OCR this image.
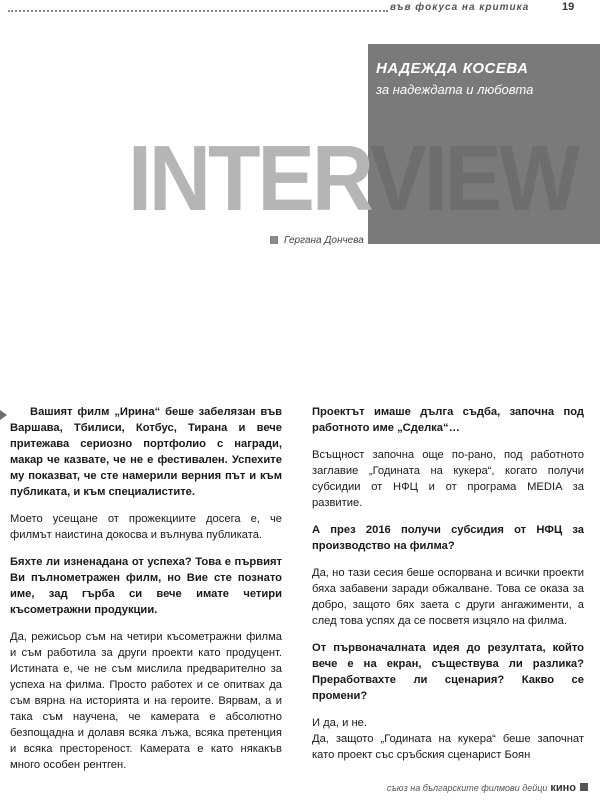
във фокуса на критика	19
НАДЕЖДА КОСЕВА
за надеждата и любовта
INTERVIEW
Гергана Дончева

Вашият филм „Ирина“ беше забелязан във Варшава, Тбилиси, Котбус, Тирана и вече притежава сериозно портфолио с награди, макар че казвате, че не е фестивален. Успехите му показват, че сте намерили верния път и към публиката, и към специалистите.

Моето усещане от прожекциите досега е, че филмът наистина докосва и вълнува публиката.

Бяхте ли изненадана от успеха? Това е първият Ви пълнометражен филм, но Вие сте познато име, зад гърба си вече имате четири късометражни продукции.

Да, режисьор съм на четири късометражни филма и съм работила за други проекти като продуцент. Истината е, че не съм мислила предварително за успеха на филма. Просто работех и се опитвах да съм вярна на историята и на героите. Вярвам, а и така съм научена, че камерата е абсолютно безпощадна и долавя всяка лъжа, всяка претенция и всяка престореност. Камерата е като някакъв много особен рентген.

Проектът имаше дълга съдба, започна под работното име „Сделка“…

Всъщност започна още по-рано, под работното заглавие „Годината на кукера“, когато получи субсидии от НФЦ и от програма MEDIA за развитие.

А през 2016 получи субсидия от НФЦ за производство на филма?

Да, но тази сесия беше оспорвана и всички проекти бяха забавени заради обжалване. Това се оказа за добро, защото бях заета с други ангажименти, а след това успях да се посветя изцяло на филма.

От първоначалната идея до резултата, който вече е на екран, съществува ли разлика? Преработвахте ли сценария? Какво се промени?

И да, и не.

Да, защото „Годината на кукера“ беше започнат като проект със сръбския сценарист Боян

съюз на българските филмови дейци кино
